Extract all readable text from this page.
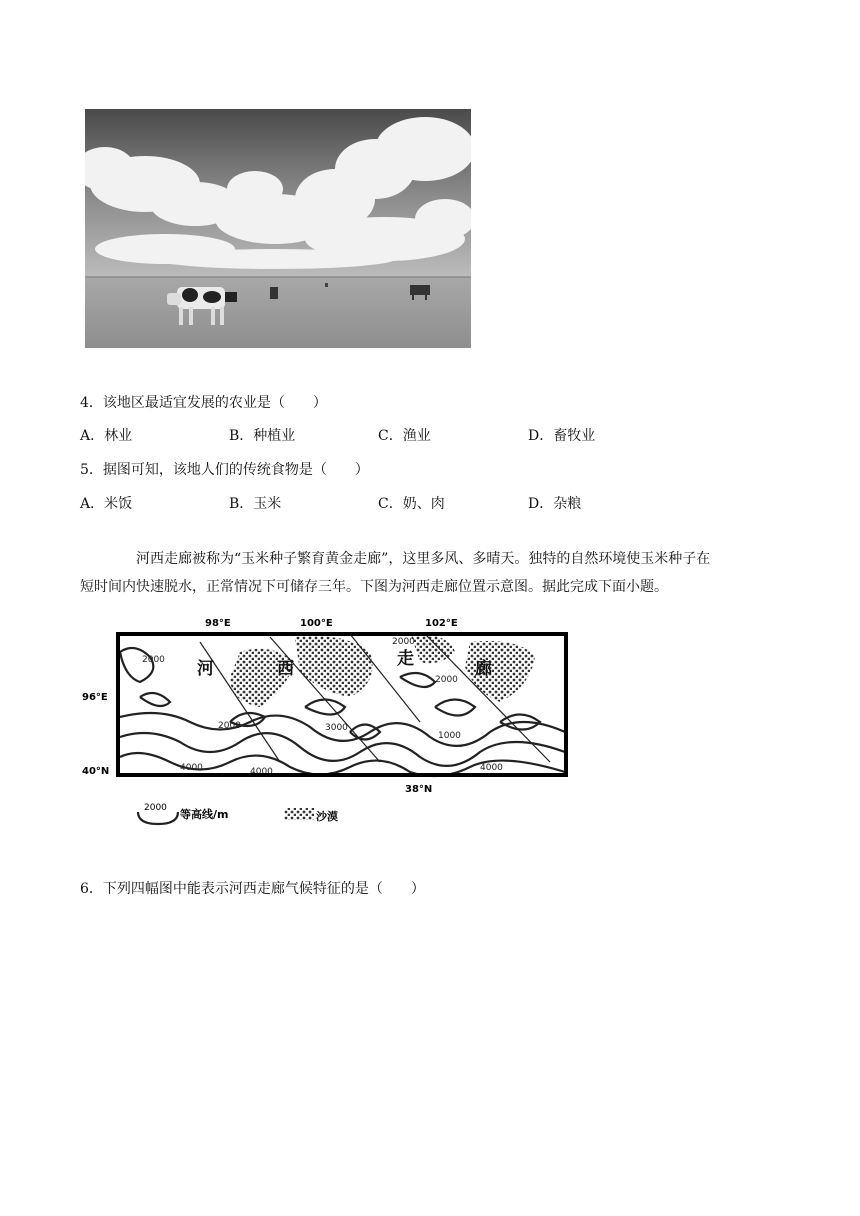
4．该地区最适宜发展的农业是（　　）
A．林业	B．种植业	C．渔业	D．畜牧业
5．据图可知，该地人们的传统食物是（　　）
A．米饭	B．玉米	C．奶、肉	D．杂粮
河西走廊被称为“玉米种子繁育黄金走廊”，这里多风、多晴天。独特的自然环境使玉米种子在
短时间内快速脱水，正常情况下可储存三年。下图为河西走廊位置示意图。据此完成下面小题。
98°E	100°E	102°E
96°E
40°N
38°N
2000
2000
2000
2000
3000
1000
4000	4000	4000
河	西	走	廊
2000 等高线/m	沙漠
6．下列四幅图中能表示河西走廊气候特征的是（　　）
